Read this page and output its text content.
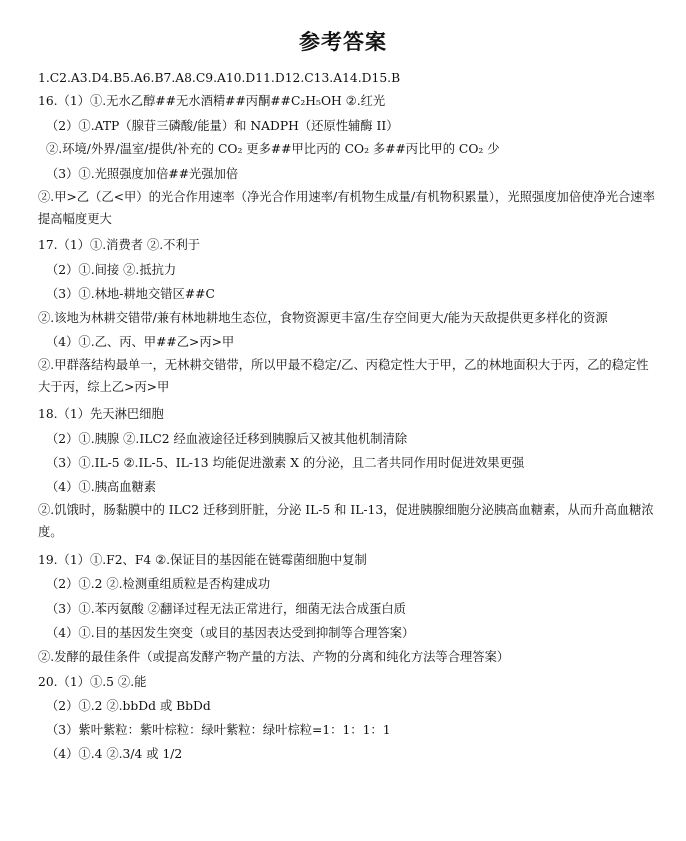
参考答案
1.C2.A3.D4.B5.A6.B7.A8.C9.A10.D11.D12.C13.A14.D15.B
16.（1）①.无水乙醇##无水酒精##丙酮##C₂H₅OH ②.红光
（2）①.ATP（腺苷三磷酸/能量）和 NADPH（还原性辅酶 II）
②.环境/外界/温室/提供/补充的 CO₂ 更多##甲比丙的 CO₂ 多##丙比甲的 CO₂ 少
（3）①.光照强度加倍##光强加倍
②.甲>乙（乙<甲）的光合作用速率（净光合作用速率/有机物生成量/有机物积累量），光照强度加倍使净光合速率提高幅度更大
17.（1）①.消费者 ②.不利于
（2）①.间接 ②.抵抗力
（3）①.林地-耕地交错区##C
②.该地为林耕交错带/兼有林地耕地生态位，食物资源更丰富/生存空间更大/能为天敌提供更多样化的资源
（4）①.乙、丙、甲##乙>丙>甲
②.甲群落结构最单一，无林耕交错带，所以甲最不稳定/乙、丙稳定性大于甲，乙的林地面积大于丙，乙的稳定性大于丙，综上乙>丙>甲
18.（1）先天淋巴细胞
（2）①.胰腺 ②.ILC2 经血液途径迁移到胰腺后又被其他机制清除
（3）①.IL-5 ②.IL-5、IL-13 均能促进激素 X 的分泌，且二者共同作用时促进效果更强
（4）①.胰高血糖素
②.饥饿时，肠黏膜中的 ILC2 迁移到肝脏，分泌 IL-5 和 IL-13，促进胰腺细胞分泌胰高血糖素，从而升高血糖浓度。
19.（1）①.F2、F4 ②.保证目的基因能在链霉菌细胞中复制
（2）①.2 ②.检测重组质粒是否构建成功
（3）①.苯丙氨酸 ②翻译过程无法正常进行，细菌无法合成蛋白质
（4）①.目的基因发生突变（或目的基因表达受到抑制等合理答案）
②.发酵的最佳条件（或提高发酵产物产量的方法、产物的分离和纯化方法等合理答案）
20.（1）①.5 ②.能
（2）①.2 ②.bbDd 或 BbDd
（3）紫叶紫粒：紫叶棕粒：绿叶紫粒：绿叶棕粒=1：1：1：1
（4）①.4 ②.3/4 或 1/2
